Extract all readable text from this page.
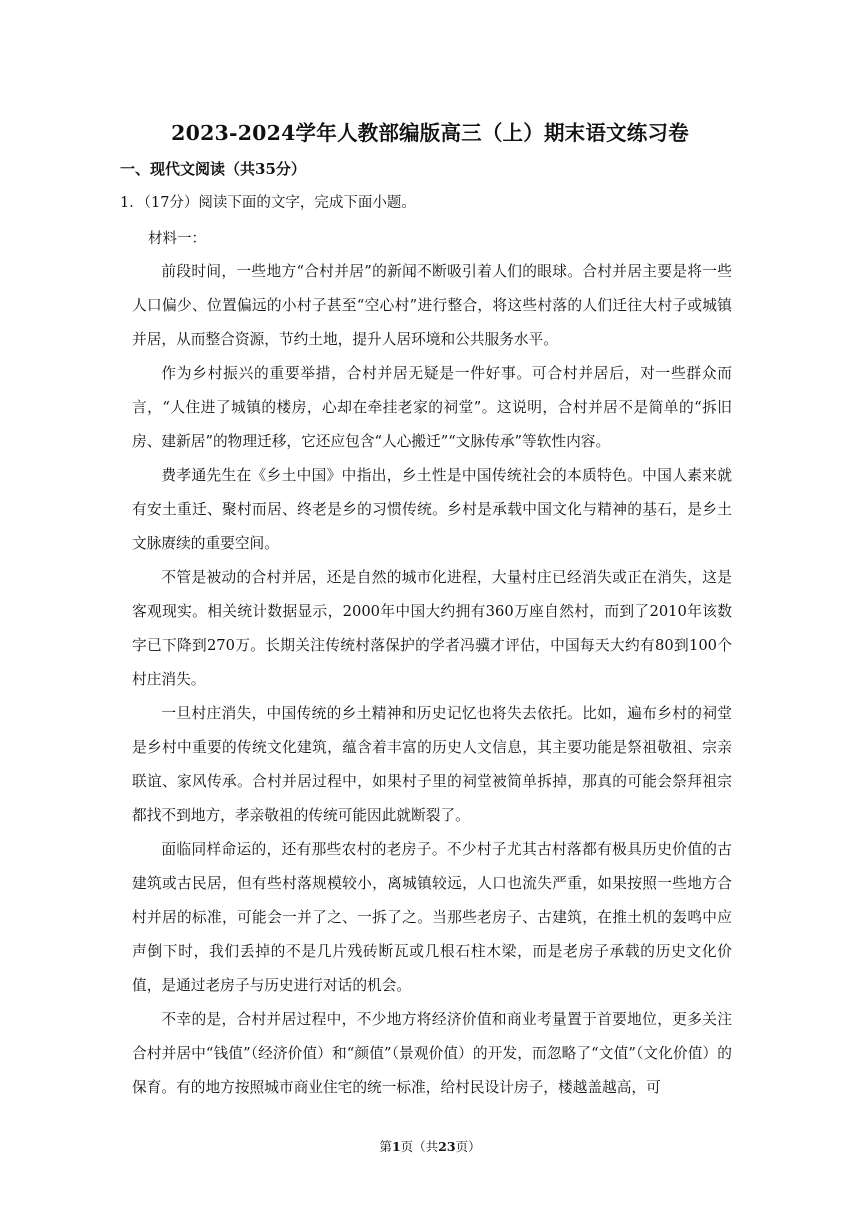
2023-2024学年人教部编版高三（上）期末语文练习卷
一、现代文阅读（共35分）
1．（17分）阅读下面的文字，完成下面小题。
材料一：

前段时间，一些地方“合村并居”的新闻不断吸引着人们的眼球。合村并居主要是将一些人口偏少、位置偏远的小村子甚至“空心村”进行整合，将这些村落的人们迁往大村子或城镇并居，从而整合资源，节约土地，提升人居环境和公共服务水平。

作为乡村振兴的重要举措，合村并居无疑是一件好事。可合村并居后，对一些群众而言，“人住进了城镇的楼房，心却在牵挂老家的祠堂”。这说明，合村并居不是简单的“拆旧房、建新居”的物理迁移，它还应包含“人心搬迁”“文脉传承”等软性内容。

费孝通先生在《乡土中国》中指出，乡土性是中国传统社会的本质特色。中国人素来就有安土重迁、聚村而居、终老是乡的习惯传统。乡村是承载中国文化与精神的基石，是乡土文脉赓续的重要空间。

不管是被动的合村并居，还是自然的城市化进程，大量村庄已经消失或正在消失，这是客观现实。相关统计数据显示，2000年中国大约拥有360万座自然村，而到了2010年该数字已下降到270万。长期关注传统村落保护的学者冯骥才评估，中国每天大约有80到100个村庄消失。

一旦村庄消失，中国传统的乡土精神和历史记忆也将失去依托。比如，遍布乡村的祠堂是乡村中重要的传统文化建筑，蕴含着丰富的历史人文信息，其主要功能是祭祖敬祖、宗亲联谊、家风传承。合村并居过程中，如果村子里的祠堂被简单拆掉，那真的可能会祭拜祖宗都找不到地方，孝亲敬祖的传统可能因此就断裂了。

面临同样命运的，还有那些农村的老房子。不少村子尤其古村落都有极具历史价值的古建筑或古民居，但有些村落规模较小，离城镇较远，人口也流失严重，如果按照一些地方合村并居的标准，可能会一并了之、一拆了之。当那些老房子、古建筑，在推土机的轰鸣中应声倒下时，我们丢掉的不是几片残砖断瓦或几根石柱木梁，而是老房子承载的历史文化价值，是通过老房子与历史进行对话的机会。

不幸的是，合村并居过程中，不少地方将经济价值和商业考量置于首要地位，更多关注合村并居中“钱值”（经济价值）和“颜值”（景观价值）的开发，而忽略了“文值”（文化价值）的保育。有的地方按照城市商业住宅的统一标准，给村民设计房子，楼越盖越高，可

第1页（共23页）
